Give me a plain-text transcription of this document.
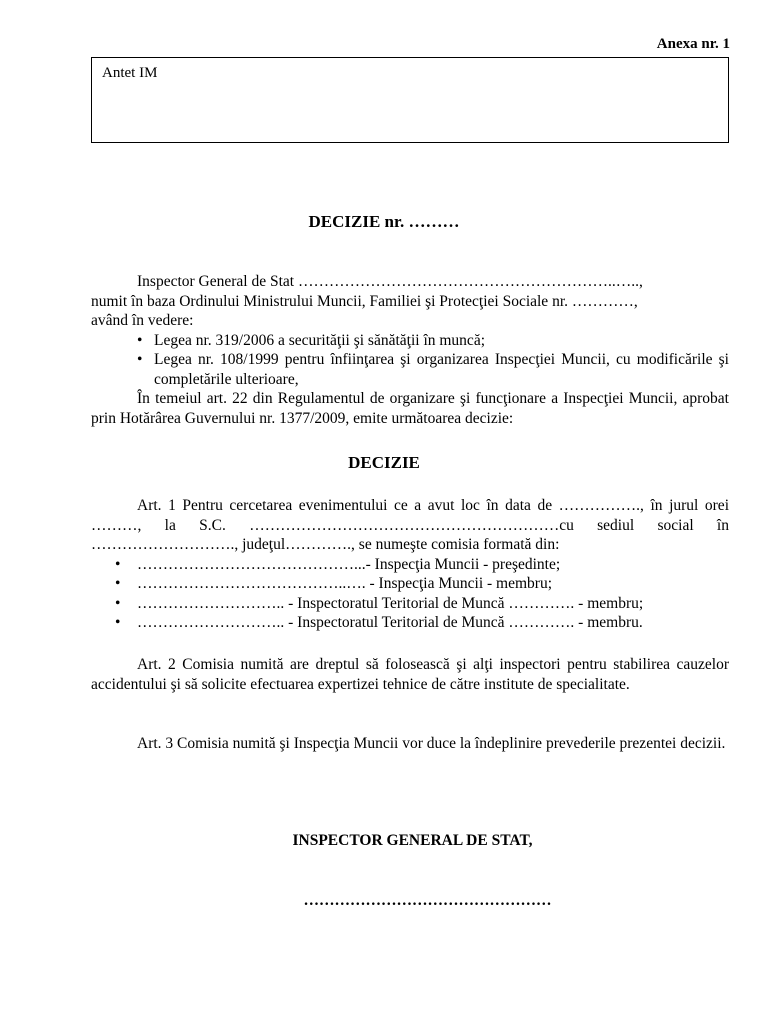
Anexa nr. 1
Antet IM
DECIZIE nr. ………

Inspector General de Stat ……………………………………………………..…..,

numit în baza Ordinului Ministrului Muncii, Familiei şi Protecţiei Sociale nr. …………,

având în vedere:

• Legea nr. 319/2006 a securităţii şi sănătăţii în muncă;
• Legea nr. 108/1999 pentru înfiinţarea şi organizarea Inspecţiei Muncii, cu modificările şi completările ulterioare,

În temeiul art. 22 din Regulamentul de organizare şi funcţionare a Inspecţiei Muncii, aprobat prin Hotărârea Guvernului nr. 1377/2009, emite următoarea decizie:

DECIZIE

Art. 1 Pentru cercetarea evenimentului ce a avut loc în data de ……………., în jurul orei ………, la S.C. ……………………………………………………cu sediul social în ………………………., judeţul…………., se numeşte comisia formată din:

• ……………………………………...- Inspecţia Muncii - preşedinte;
• …………………………………..…. - Inspecţia Muncii - membru;
• ……………………….. - Inspectoratul Teritorial de Muncă …………. - membru;
• ……………………….. - Inspectoratul Teritorial de Muncă …………. - membru.

Art. 2 Comisia numită are dreptul să folosească şi alţi inspectori pentru stabilirea cauzelor accidentului şi să solicite efectuarea expertizei tehnice de către institute de specialitate.

Art. 3 Comisia numită şi Inspecţia Muncii vor duce la îndeplinire prevederile prezentei decizii.

INSPECTOR GENERAL DE STAT,
…………………………………………
